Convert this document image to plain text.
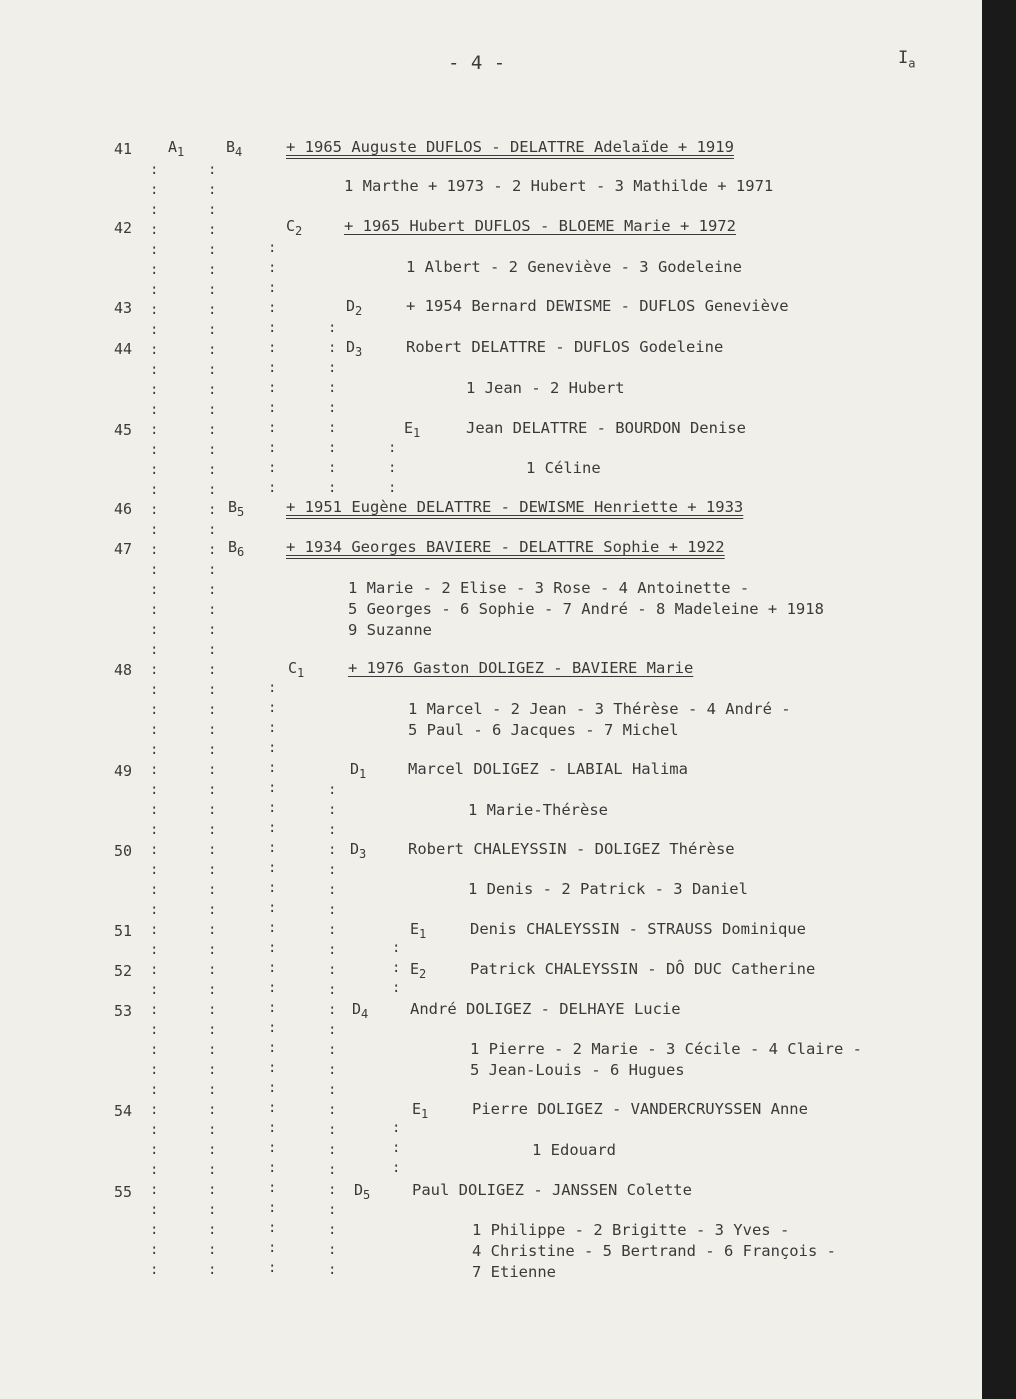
- 4 -	$I_a$
:
:
:
:
:
:
:
:
:
:
:
:
:
:
:
:
:
:
:
:
:
:
:
:
:
:
:
:
:
:
:
:
:
:
:
:
:
:
:
:
:
:
:
:
:
:
:
:
:
:
:
:
:
:
:
:
:
:
:
:
:
:
:
:
:
:
:
:
:
:
:
:
:
:
:
:
:
:
:
:
:
:
:
:
:
:
:
:
:
:
:
:
:
:
:
:
:
:
:
:
:
:
:
:
:
:
:
:
:
:
:
:
:
:
:
:
:
:
:
:
:
:
:
:
:
:
:
:
:
:
:
:
:
:
:
:
:
:
:
:
:
:
:
:
:
:
:
:
:
:
:
:
:
:
:
:
:
:
:
:
:
:
:
:
:
:
:
:
:
:
:
:
:
:
:
:
:
:
:
:
:
:
:
:
:
:
:
:
:
:
:
:
:
:
:
:
:
:
41
42
43
44
45
46
47
48
49
50
51
52
53
54
55
$A_1$	$B_4$
$C_2$
$D_2$
$D_3$
$E_1$
$B_5$
$B_6$
$C_1$
$D_1$
$D_3$
$E_1$
$E_2$
$D_4$
$E_1$
$D_5$
+ 1965 Auguste DUFLOS - DELATTRE Adelaïde + 1919
1 Marthe + 1973 - 2 Hubert - 3 Mathilde + 1971
+ 1965 Hubert DUFLOS - BLOEME Marie + 1972
1 Albert - 2 Geneviève - 3 Godeleine
+ 1954 Bernard DEWISME - DUFLOS Geneviève
Robert DELATTRE - DUFLOS Godeleine
1 Jean - 2 Hubert
Jean DELATTRE - BOURDON Denise
1 Céline
+ 1951 Eugène DELATTRE - DEWISME Henriette + 1933
+ 1934 Georges BAVIERE - DELATTRE Sophie + 1922
1 Marie - 2 Elise - 3 Rose - 4 Antoinette -
5 Georges - 6 Sophie - 7 André - 8 Madeleine + 1918
9 Suzanne
+ 1976 Gaston DOLIGEZ - BAVIERE Marie
1 Marcel - 2 Jean - 3 Thérèse - 4 André -
5 Paul - 6 Jacques - 7 Michel
Marcel DOLIGEZ - LABIAL Halima
1 Marie-Thérèse
Robert CHALEYSSIN - DOLIGEZ Thérèse
1 Denis - 2 Patrick - 3 Daniel
Denis CHALEYSSIN - STRAUSS Dominique
Patrick CHALEYSSIN - DÔ DUC Catherine
André DOLIGEZ - DELHAYE Lucie
1 Pierre - 2 Marie - 3 Cécile - 4 Claire -
5 Jean-Louis - 6 Hugues
Pierre DOLIGEZ - VANDERCRUYSSEN Anne
1 Edouard
Paul DOLIGEZ - JANSSEN Colette
1 Philippe - 2 Brigitte - 3 Yves -
4 Christine - 5 Bertrand - 6 François -
7 Etienne
